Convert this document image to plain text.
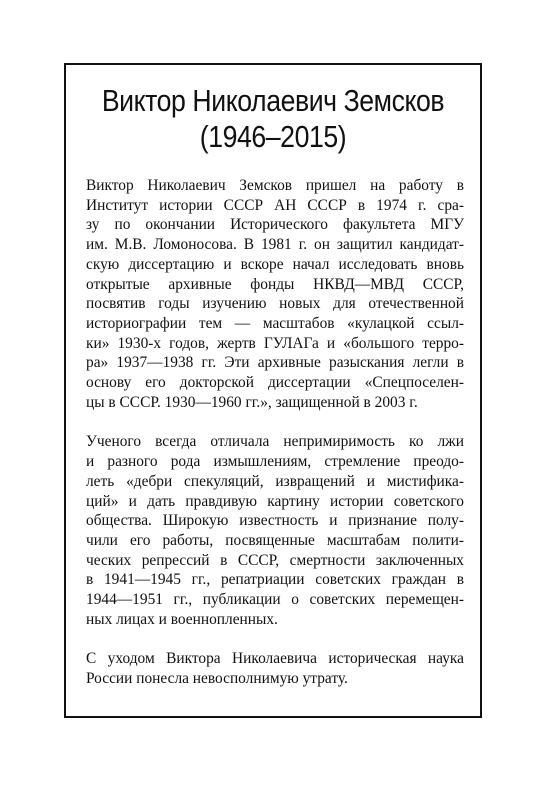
Виктор Николаевич Земсков
(1946–2015)
Виктор Николаевич Земсков пришел на работу в
Институт истории СССР АН СССР в 1974 г. сра-
зу по окончании Исторического факультета МГУ
им. М.В. Ломоносова. В 1981 г. он защитил кандидат-
скую диссертацию и вскоре начал исследовать вновь
открытые архивные фонды НКВД—МВД СССР,
посвятив годы изучению новых для отечественной
историографии тем — масштабов «кулацкой ссыл-
ки» 1930-х годов, жертв ГУЛАГа и «большого терро-
ра» 1937—1938 гг. Эти архивные разыскания легли в
основу его докторской диссертации «Спецпоселен-
цы в СССР. 1930—1960 гг.», защищенной в 2003 г.
Ученого всегда отличала непримиримость ко лжи
и разного рода измышлениям, стремление преодо-
леть «дебри спекуляций, извращений и мистифика-
ций» и дать правдивую картину истории советского
общества. Широкую известность и признание полу-
чили его работы, посвященные масштабам полити-
ческих репрессий в СССР, смертности заключенных
в 1941—1945 гг., репатриации советских граждан в
1944—1951 гг., публикации о советских перемещен-
ных лицах и военнопленных.
С уходом Виктора Николаевича историческая наука
России понесла невосполнимую утрату.
